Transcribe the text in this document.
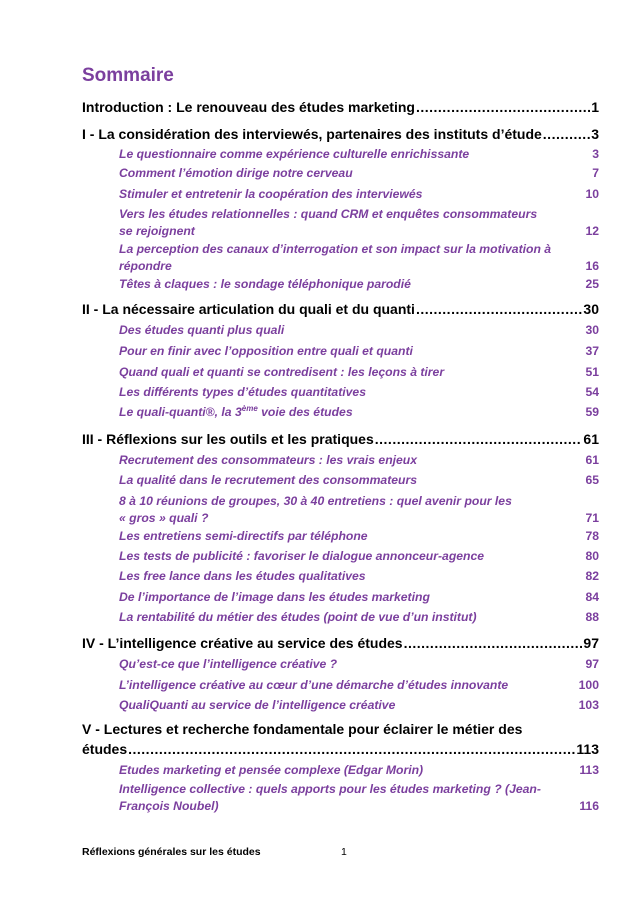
Sommaire
Introduction : Le renouveau des études marketing .....	1
I - La considération des interviewés, partenaires des instituts d’étude .....	3
Le questionnaire comme expérience culturelle enrichissante	3
Comment l’émotion dirige notre cerveau	7
Stimuler et entretenir la coopération des interviewés	10
Vers les études relationnelles : quand CRM et enquêtes consommateurs
se rejoignent	12
La perception des canaux d’interrogation et son impact sur la motivation à
répondre	16
Têtes à claques : le sondage téléphonique parodié	25
II - La nécessaire articulation du quali et du quanti .....	30
Des études quanti plus quali	30
Pour en finir avec l’opposition entre quali et quanti	37
Quand quali et quanti se contredisent : les leçons à tirer	51
Les différents types d’études quantitatives	54
Le quali-quanti®, la 3ème voie des études	59
III - Réflexions sur les outils et les pratiques .....	61
Recrutement des consommateurs : les vrais enjeux	61
La qualité dans le recrutement des consommateurs	65
8 à 10 réunions de groupes, 30 à 40 entretiens : quel avenir pour les
« gros » quali ?	71
Les entretiens semi-directifs par téléphone	78
Les tests de publicité : favoriser le dialogue annonceur-agence	80
Les free lance dans les études qualitatives	82
De l’importance de l’image dans les études marketing	84
La rentabilité du métier des études (point de vue d’un institut)	88
IV - L’intelligence créative au service des études .....	97
Qu’est-ce que l’intelligence créative ?	97
L’intelligence créative au cœur d’une démarche d’études innovante	100
QualiQuanti au service de l’intelligence créative	103
V - Lectures et recherche fondamentale pour éclairer le métier des
études .....	113
Etudes marketing et pensée complexe (Edgar Morin)	113
Intelligence collective : quels apports pour les études marketing ? (Jean-
François Noubel)	116
Réflexions générales sur les études	1
